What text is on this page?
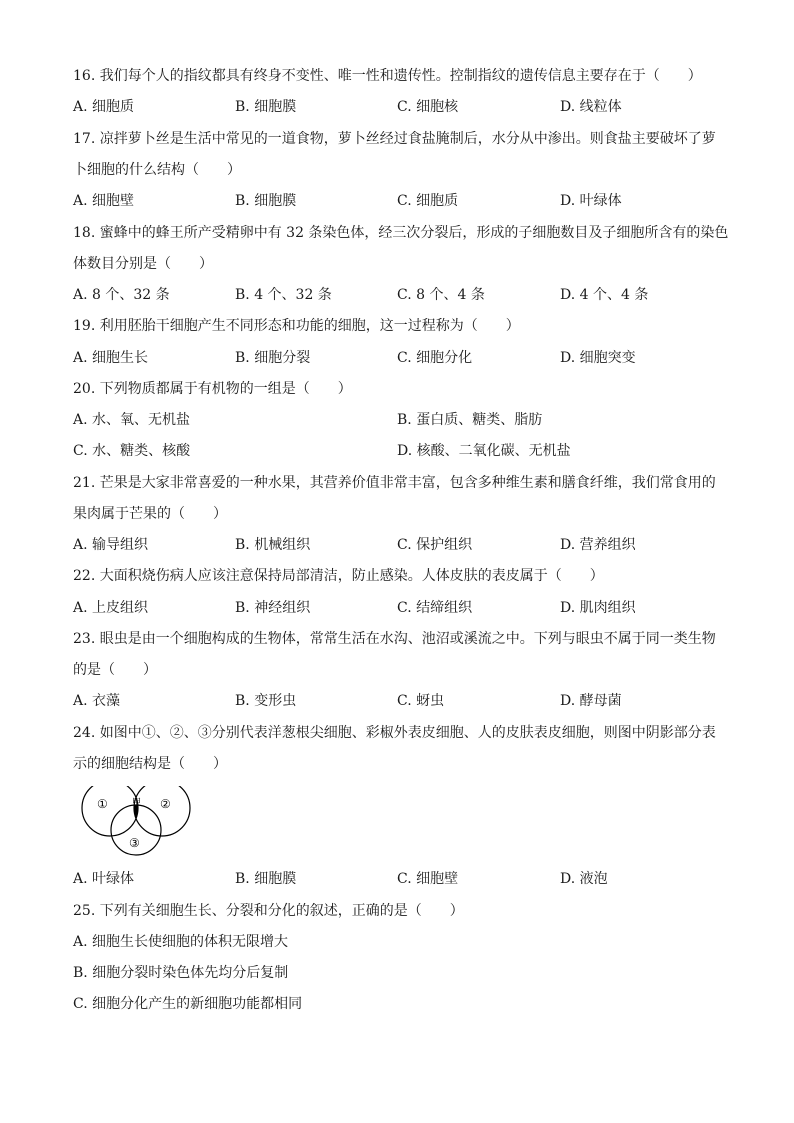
16. 我们每个人的指纹都具有终身不变性、唯一性和遗传性。控制指纹的遗传信息主要存在于（　　）
A. 细胞质	B. 细胞膜	C. 细胞核	D. 线粒体
17. 凉拌萝卜丝是生活中常见的一道食物，萝卜丝经过食盐腌制后，水分从中渗出。则食盐主要破坏了萝
卜细胞的什么结构（　　）
A. 细胞壁	B. 细胞膜	C. 细胞质	D. 叶绿体
18. 蜜蜂中的蜂王所产受精卵中有 32 条染色体，经三次分裂后，形成的子细胞数目及子细胞所含有的染色
体数目分别是（　　）
A. 8 个、32 条	B. 4 个、32 条	C. 8 个、4 条	D. 4 个、4 条
19. 利用胚胎干细胞产生不同形态和功能的细胞，这一过程称为（　　）
A. 细胞生长	B. 细胞分裂	C. 细胞分化	D. 细胞突变
20. 下列物质都属于有机物的一组是（　　）
A. 水、氧、无机盐	B. 蛋白质、糖类、脂肪
C. 水、糖类、核酸	D. 核酸、二氧化碳、无机盐
21. 芒果是大家非常喜爱的一种水果，其营养价值非常丰富，包含多种维生素和膳食纤维，我们常食用的
果肉属于芒果的（　　）
A. 输导组织	B. 机械组织	C. 保护组织	D. 营养组织
22. 大面积烧伤病人应该注意保持局部清洁，防止感染。人体皮肤的表皮属于（　　）
A. 上皮组织	B. 神经组织	C. 结缔组织	D. 肌肉组织
23. 眼虫是由一个细胞构成的生物体，常常生活在水沟、池沼或溪流之中。下列与眼虫不属于同一类生物
的是（　　）
A. 衣藻	B. 变形虫	C. 蚜虫	D. 酵母菌
24. 如图中①、②、③分别代表洋葱根尖细胞、彩椒外表皮细胞、人的皮肤表皮细胞，则图中阴影部分表
示的细胞结构是（　　）
①	②
③
甲
A. 叶绿体	B. 细胞膜	C. 细胞壁	D. 液泡
25. 下列有关细胞生长、分裂和分化的叙述，正确的是（　　）
A. 细胞生长使细胞的体积无限增大
B. 细胞分裂时染色体先均分后复制
C. 细胞分化产生的新细胞功能都相同
